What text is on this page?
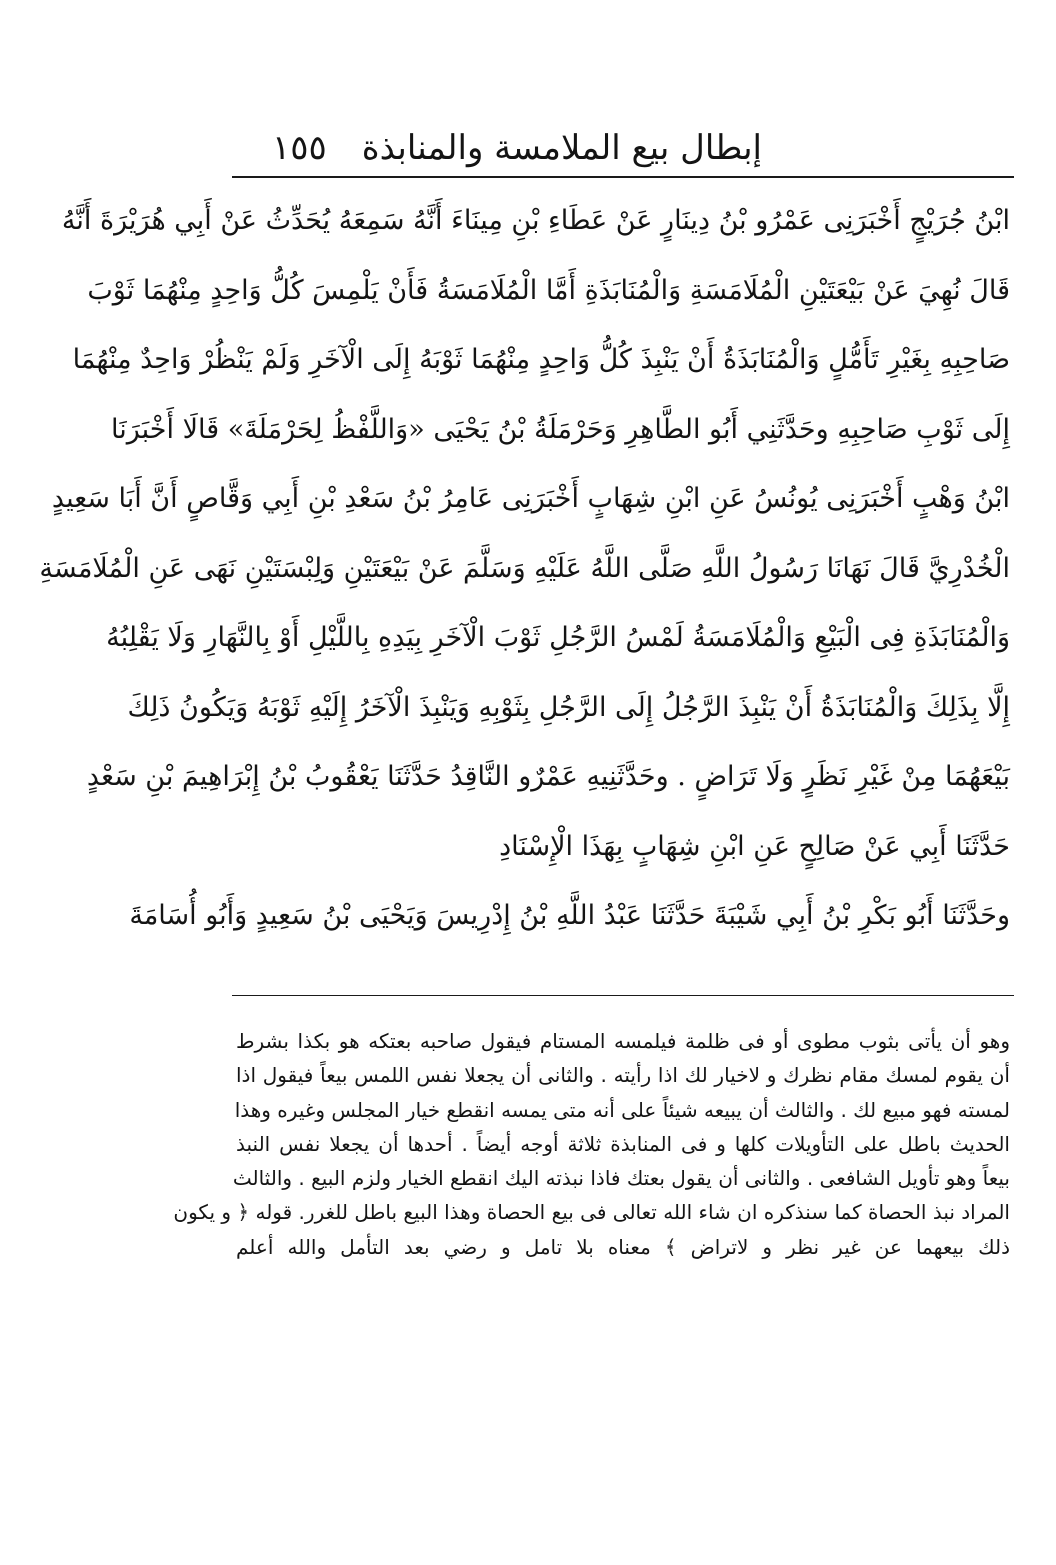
إبطال بيع الملامسة والمنابذة
١٥٥
ابْنُ جُرَيْجٍ أَخْبَرَنِى عَمْرُو بْنُ دِينَارٍ عَنْ عَطَاءِ بْنِ مِينَاءَ أَنَّهُ سَمِعَهُ يُحَدِّثُ عَنْ أَبِي هُرَيْرَةَ أَنَّهُ
قَالَ نُهِيَ عَنْ بَيْعَتَيْنِ الْمُلَامَسَةِ وَالْمُنَابَذَةِ أَمَّا الْمُلَامَسَةُ فَأَنْ يَلْمِسَ كُلُّ وَاحِدٍ مِنْهُمَا ثَوْبَ
صَاحِبِهِ بِغَيْرِ تَأَمُّلٍ وَالْمُنَابَذَةُ أَنْ يَنْبِذَ كُلُّ وَاحِدٍ مِنْهُمَا ثَوْبَهُ إِلَى الْآخَرِ وَلَمْ يَنْظُرْ وَاحِدٌ مِنْهُمَا
إِلَى ثَوْبِ صَاحِبِهِ وحَدَّثَنِي أَبُو الطَّاهِرِ وَحَرْمَلَةُ بْنُ يَحْيَى «وَاللَّفْظُ لِحَرْمَلَةَ» قَالَا أَخْبَرَنَا
ابْنُ وَهْبٍ أَخْبَرَنِى يُونُسُ عَنِ ابْنِ شِهَابٍ أَخْبَرَنِى عَامِرُ بْنُ سَعْدِ بْنِ أَبِي وَقَّاصٍ أَنَّ أَبَا سَعِيدٍ
الْخُدْرِيَّ قَالَ نَهَانَا رَسُولُ اللَّهِ صَلَّى اللَّهُ عَلَيْهِ وَسَلَّمَ عَنْ بَيْعَتَيْنِ وَلِبْسَتَيْنِ نَهَى عَنِ الْمُلَامَسَةِ
وَالْمُنَابَذَةِ فِى الْبَيْعِ وَالْمُلَامَسَةُ لَمْسُ الرَّجُلِ ثَوْبَ الْآخَرِ بِيَدِهِ بِاللَّيْلِ أَوْ بِالنَّهَارِ وَلَا يَقْلِبُهُ
إِلَّا بِذَلِكَ وَالْمُنَابَذَةُ أَنْ يَنْبِذَ الرَّجُلُ إِلَى الرَّجُلِ بِثَوْبِهِ وَيَنْبِذَ الْآخَرُ إِلَيْهِ ثَوْبَهُ وَيَكُونُ ذَلِكَ
بَيْعَهُمَا مِنْ غَيْرِ نَظَرٍ وَلَا تَرَاضٍ . وحَدَّثَنِيهِ عَمْرٌو النَّاقِدُ حَدَّثَنَا يَعْقُوبُ بْنُ إِبْرَاهِيمَ بْنِ سَعْدٍ
حَدَّثَنَا أَبِي عَنْ صَالِحٍ عَنِ ابْنِ شِهَابٍ بِهَذَا الْإِسْنَادِ
وحَدَّثَنَا أَبُو بَكْرِ بْنُ أَبِي شَيْبَةَ حَدَّثَنَا عَبْدُ اللَّهِ بْنُ إِدْرِيسَ وَيَحْيَى بْنُ سَعِيدٍ وَأَبُو أُسَامَةَ
وهو أن يأتى بثوب مطوى أو فى ظلمة فيلمسه المستام فيقول صاحبه بعتكه هو بكذا بشرط
أن يقوم لمسك مقام نظرك و لاخيار لك اذا رأيته . والثانى أن يجعلا نفس اللمس بيعاً فيقول اذا
لمسته فهو مبيع لك . والثالث أن يبيعه شيئاً على أنه متى يمسه انقطع خيار المجلس وغيره وهذا
الحديث باطل على التأويلات كلها و فى المنابذة ثلاثة أوجه أيضاً . أحدها أن يجعلا نفس النبذ
بيعاً وهو تأويل الشافعى . والثانى أن يقول بعتك فاذا نبذته اليك انقطع الخيار ولزم البيع . والثالث
المراد نبذ الحصاة كما سنذكره ان شاء الله تعالى فى بيع الحصاة وهذا البيع باطل للغرر. قوله ﴿ و يكون
ذلك بيعهما عن غير نظر و لاتراض ﴾ معناه بلا تامل و رضي بعد التأمل والله أعلم
